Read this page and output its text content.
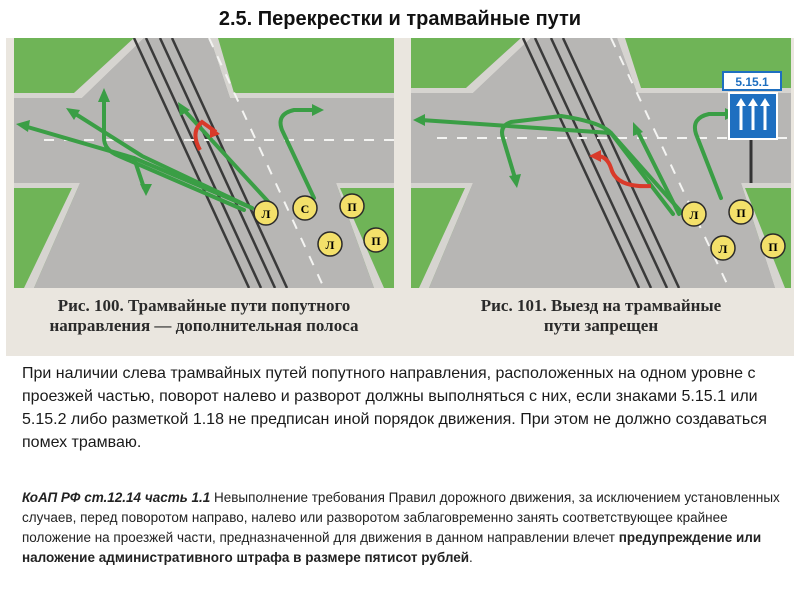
2.5. Перекрестки и трамвайные пути
Л	С	П
Л	П
5.15.1
Л	П
Л	П
Рис. 100. Трамвайные пути попутного
направления — дополнительная полоса
Рис. 101. Выезд на трамвайные
пути запрещен
При наличии слева трамвайных путей попутного направления, расположенных на одном уровне с проезжей частью, поворот налево и разворот должны выполняться с них, если знаками 5.15.1 или 5.15.2 либо разметкой 1.18 не предписан иной порядок движения. При этом не должно создаваться помех трамваю.
КоАП РФ ст.12.14 часть 1.1 Невыполнение требования Правил дорожного движения, за исключением установленных случаев, перед поворотом направо, налево или разворотом заблаговременно занять соответствующее крайнее положение на проезжей части, предназначенной для движения в данном направлении влечет предупреждение или наложение административного штрафа в размере пятисот рублей.
